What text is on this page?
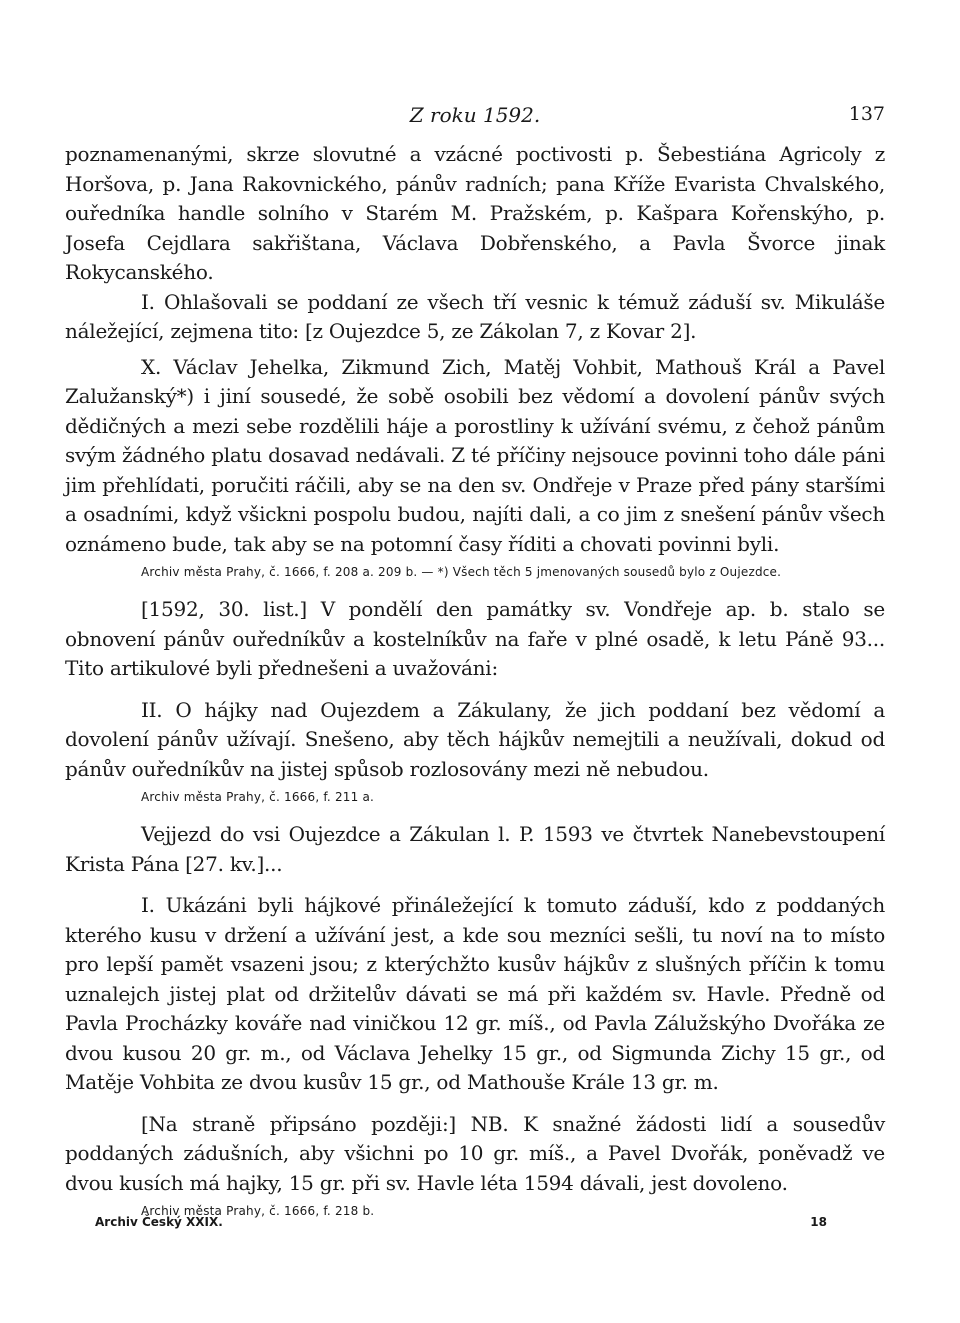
Z roku 1592.	137

poznamenanými, skrze slovutné a vzácné poctivosti p. Šebestiána Agricoly z Horšova, p. Jana Rakovnického, pánův radních; pana Kříže Evarista Chvalského, ouředníka handle solního v Starém M. Pražském, p. Kašpara Kořenskýho, p. Josefa Cejdlara sakřištana, Václava Dobřenského, a Pavla Švorce jinak Rokycanského.

I. Ohlašovali se poddaní ze všech tří vesnic k témuž záduší sv. Mikuláše náležející, zejmena tito: [z Oujezdce 5, ze Zákolan 7, z Kovar 2].

X. Václav Jehelka, Zikmund Zich, Matěj Vohbit, Mathouš Král a Pavel Zalužanský*) i jiní sousedé, že sobě osobili bez vědomí a dovolení pánův svých dědičných a mezi sebe rozdělili háje a porostliny k užívání svému, z čehož pánům svým žádného platu dosavad nedávali. Z té příčiny nejsouce povinni toho dále páni jim přehlídati, poručiti ráčili, aby se na den sv. Ondřeje v Praze před pány staršími a osadními, když všickni pospolu budou, najíti dali, a co jim z snešení pánův všech oznámeno bude, tak aby se na potomní časy říditi a chovati povinni byli.

Archiv města Prahy, č. 1666, f. 208 a. 209 b. — *) Všech těch 5 jmenovaných sousedů bylo z Oujezdce.

[1592, 30. list.] V pondělí den památky sv. Vondřeje ap. b. stalo se obnovení pánův ouředníkův a kostelníkův na faře v plné osadě, k letu Páně 93... Tito artikulové byli přednešeni a uvažováni:

II. O hájky nad Oujezdem a Zákulany, že jich poddaní bez vědomí a dovolení pánův užívají. Snešeno, aby těch hájkův nemejtili a neužívali, dokud od pánův ouředníkův na jistej spůsob rozlosovány mezi ně nebudou.

Archiv města Prahy, č. 1666, f. 211 a.

Vejjezd do vsi Oujezdce a Zákulan l. P. 1593 ve čtvrtek Nanebevstoupení Krista Pána [27. kv.]...

I. Ukázáni byli hájkové přináležející k tomuto záduší, kdo z poddaných kterého kusu v držení a užívání jest, a kde sou mezníci sešli, tu noví na to místo pro lepší pamět vsazeni jsou; z kterýchžto kusův hájkův z slušných příčin k tomu uznalejch jistej plat od držitelův dávati se má při každém sv. Havle. Předně od Pavla Procházky kováře nad viničkou 12 gr. míš., od Pavla Zálužskýho Dvořáka ze dvou kusou 20 gr. m., od Václava Jehelky 15 gr., od Sigmunda Zichy 15 gr., od Matěje Vohbita ze dvou kusův 15 gr., od Mathouše Krále 13 gr. m.

[Na straně připsáno později:] NB. K snažné žádosti lidí a sousedův poddaných zádušních, aby všichni po 10 gr. míš., a Pavel Dvořák, poněvadž ve dvou kusích má hajky, 15 gr. při sv. Havle léta 1594 dávali, jest dovoleno.

Archiv města Prahy, č. 1666, f. 218 b.
Archiv Český XXIX.	18
